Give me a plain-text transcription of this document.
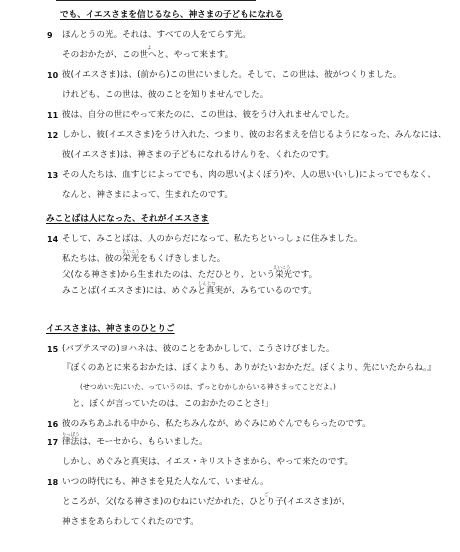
でも、イエスさまを信じるなら、神さまの子どもになれる
9 ほんとうの光。それは、すべての人をてらす光。
よ
そのおかたが、この世へと、やって来ます。
10 彼(イエスさま)は、(前から)この世にいました。そして、この世は、彼がつくりました。
けれども、この世は、彼のことを知りませんでした。
11 彼は、自分の世にやって来たのに、この世は、彼をうけ入れませんでした。
12 しかし、彼(イエスさま)をうけ入れた、つまり、彼のお名まえを信じるようになった、みんなには、
彼(イエスさま)は、神さまの子どもになれるけんりを、くれたのです。
13 その人たちは、血すじによってでも、肉の思い(よくぼう)や、人の思い(いし)によってでもなく、
なんと、神さまによって、生まれたのです。
みことばは人になった、それがイエスさま
14 そして、みことばは、人のからだになって、私たちといっしょに住みました。
えいこう
私たちは、彼の栄光をもくげきしました。
えいこう
父(なる神さま)から生まれたのは、ただひとり、という栄光です。
しんじつ
みことば(イエスさま)には、めぐみと真実が、みちているのです。
イエスさまは、神さまのひとりご
15 (バプテスマの)ヨハネは、彼のことをあかしして、こうさけびました。
『ぼくのあとに来るおかたは、ぼくよりも、ありがたいおかただ。ぼくより、先にいたからね。』
(せつめい:先にいた、っていうのは、ずっとむかしからいる神さまってことだよ。)
と、ぼくが言っていたのは、このおかたのことさ!」
16 彼のみちあふれる中から、私たちみんなが、めぐみにめぐんでもらったのです。
りっぽう
17 律法は、モーセから、もらいました。
しかし、めぐみと真実は、イエス・キリストさまから、やって来たのです。
18 いつの時代にも、神さまを見た人なんて、いません。
ご
ところが、父(なる神さま)のむねにいだかれた、ひとり子(イエスさま)が、
神さまをあらわしてくれたのです。
